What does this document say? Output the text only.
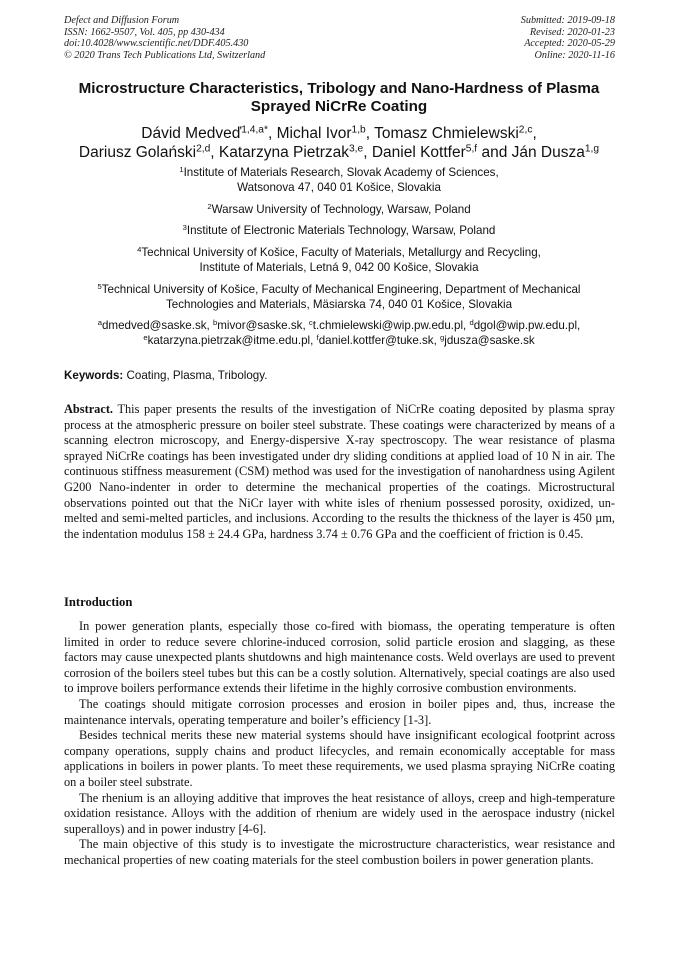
Defect and Diffusion Forum
ISSN: 1662-9507, Vol. 405, pp 430-434
doi:10.4028/www.scientific.net/DDF.405.430
© 2020 Trans Tech Publications Ltd, Switzerland
Submitted: 2019-09-18
Revised: 2020-01-23
Accepted: 2020-05-29
Online: 2020-11-16
Microstructure Characteristics, Tribology and Nano-Hardness of Plasma
Sprayed NiCrRe Coating
Dávid Medveď$^{1,4,a*}$, Michal Ivor$^{1,b}$, Tomasz Chmielewski$^{2,c}$,
Dariusz Golański$^{2,d}$, Katarzyna Pietrzak$^{3,e}$, Daniel Kottfer$^{5,f}$ and Ján Dusza$^{1,g}$
$^1$Institute of Materials Research, Slovak Academy of Sciences,
Watsonova 47, 040 01 Košice, Slovakia
$^2$Warsaw University of Technology, Warsaw, Poland
$^3$Institute of Electronic Materials Technology, Warsaw, Poland
$^4$Technical University of Košice, Faculty of Materials, Metallurgy and Recycling,
Institute of Materials, Letná 9, 042 00 Košice, Slovakia
$^5$Technical University of Košice, Faculty of Mechanical Engineering, Department of Mechanical
Technologies and Materials, Mäsiarska 74, 040 01 Košice, Slovakia
$^a$dmedved@saske.sk, $^b$mivor@saske.sk, $^c$t.chmielewski@wip.pw.edu.pl, $^d$dgol@wip.pw.edu.pl,
$^e$katarzyna.pietrzak@itme.edu.pl, $^f$daniel.kottfer@tuke.sk, $^g$jdusza@saske.sk
Keywords: Coating, Plasma, Tribology.
Abstract. This paper presents the results of the investigation of NiCrRe coating deposited by plasma spray process at the atmospheric pressure on boiler steel substrate. These coatings were characterized by means of a scanning electron microscopy, and Energy-dispersive X-ray spectroscopy. The wear resistance of plasma sprayed NiCrRe coatings has been investigated under dry sliding conditions at applied load of 10 N in air. The continuous stiffness measurement (CSM) method was used for the investigation of nanohardness using Agilent G200 Nano-indenter in order to determine the mechanical properties of the coatings. Microstructural observations pointed out that the NiCr layer with white isles of rhenium possessed porosity, oxidized, un-melted and semi-melted particles, and inclusions. According to the results the thickness of the layer is 450 µm, the indentation modulus 158 ± 24.4 GPa, hardness 3.74 ± 0.76 GPa and the coefficient of friction is 0.45.
Introduction

In power generation plants, especially those co-fired with biomass, the operating temperature is often limited in order to reduce severe chlorine-induced corrosion, solid particle erosion and slagging, as these factors may cause unexpected plants shutdowns and high maintenance costs. Weld overlays are used to prevent corrosion of the boilers steel tubes but this can be a costly solution. Alternatively, special coatings are also used to improve boilers performance extends their lifetime in the highly corrosive combustion environments.

The coatings should mitigate corrosion processes and erosion in boiler pipes and, thus, increase the maintenance intervals, operating temperature and boiler’s efficiency [1-3].

Besides technical merits these new material systems should have insignificant ecological footprint across company operations, supply chains and product lifecycles, and remain economically acceptable for mass applications in boilers in power plants. To meet these requirements, we used plasma spraying NiCrRe coating on a boiler steel substrate.

The rhenium is an alloying additive that improves the heat resistance of alloys, creep and high-temperature oxidation resistance. Alloys with the addition of rhenium are widely used in the aerospace industry (nickel superalloys) and in power industry [4-6].

The main objective of this study is to investigate the microstructure characteristics, wear resistance and mechanical properties of new coating materials for the steel combustion boilers in power generation plants.
